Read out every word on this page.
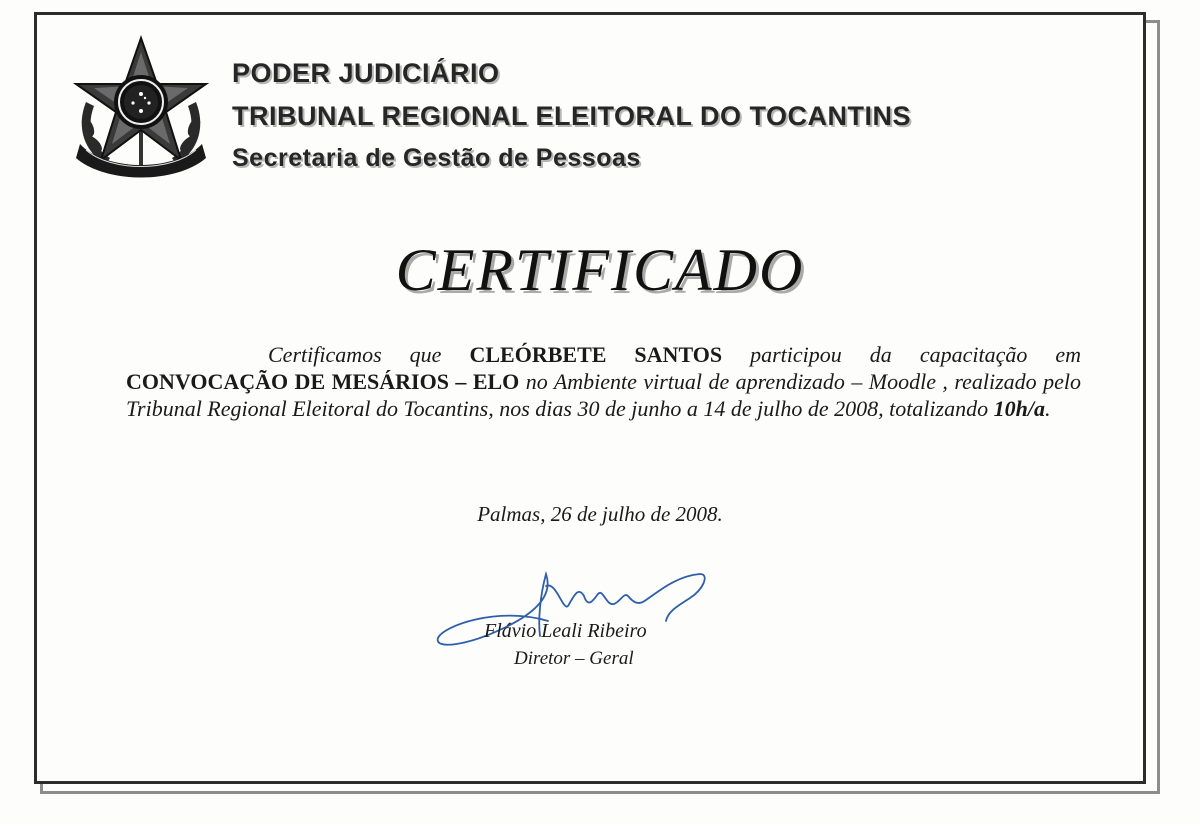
PODER JUDICIÁRIO
TRIBUNAL REGIONAL ELEITORAL DO TOCANTINS
Secretaria de Gestão de Pessoas
CERTIFICADO

Certificamos que CLEÓRBETE SANTOS participou da capacitação em CONVOCAÇÃO DE MESÁRIOS – ELO no Ambiente virtual de aprendizado – Moodle , realizado pelo Tribunal Regional Eleitoral do Tocantins, nos dias 30 de junho a 14 de julho de 2008, totalizando 10h/a.

Palmas, 26 de julho de 2008.

Flávio Leali Ribeiro

Diretor – Geral
